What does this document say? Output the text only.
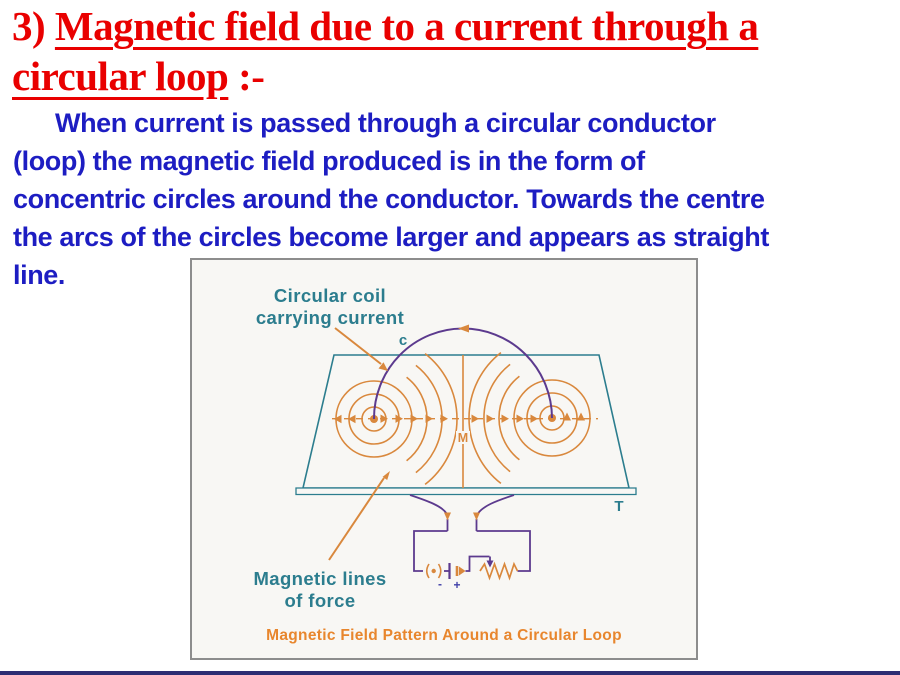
3) Magnetic field due to a current through a
circular loop :-
When current is passed through a circular conductor
(loop) the magnetic field produced is in the form of
concentric circles around the conductor. Towards the centre
the arcs of the circles become larger and appears as straight
line.
- +
M
c
T
Circular coil
carrying current
Magnetic lines
of force
Magnetic Field Pattern Around a Circular Loop
